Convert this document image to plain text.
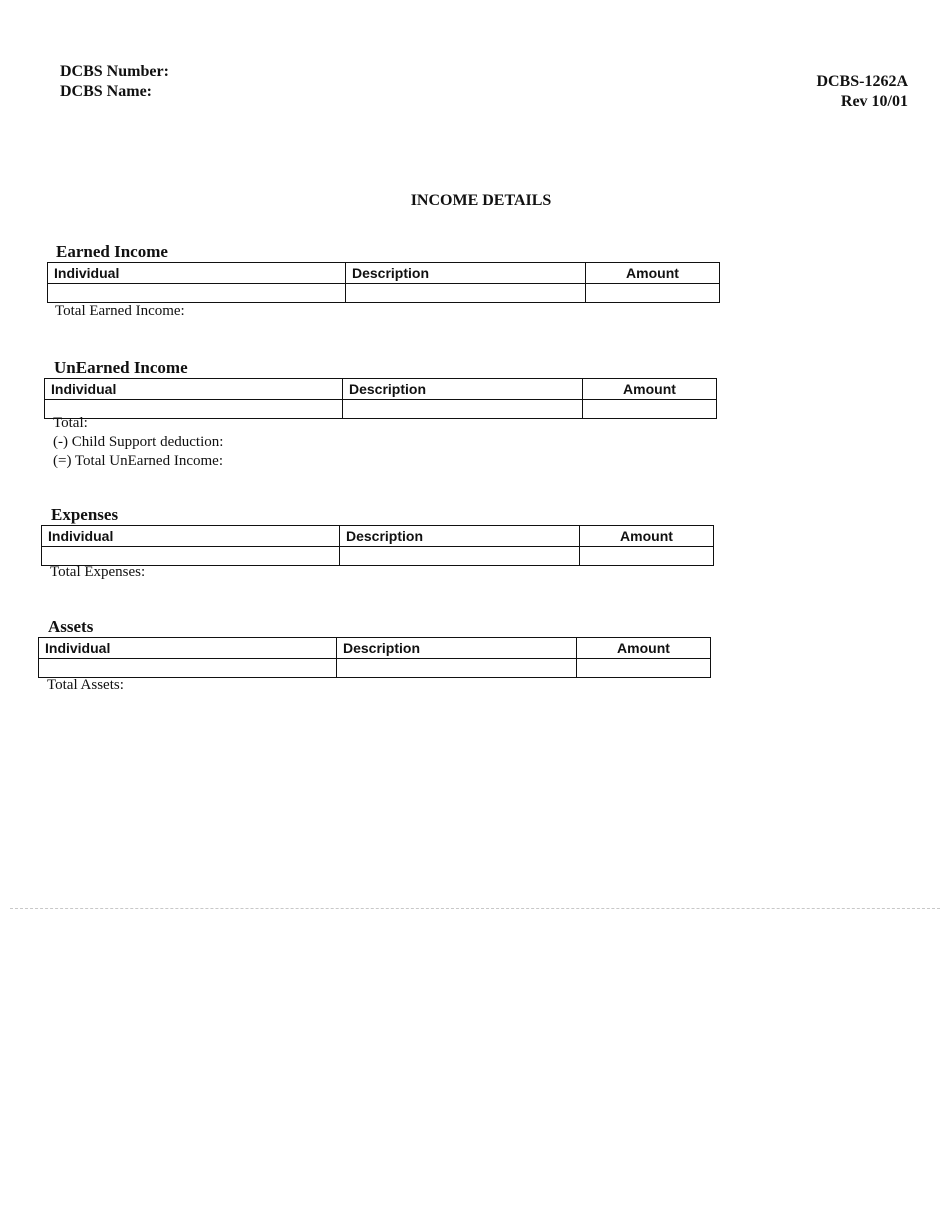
DCBS Number:
DCBS Name:
DCBS-1262A
Rev 10/01
INCOME DETAILS
Earned Income
Individual	Description	Amount

Total Earned Income:
UnEarned Income
Individual	Description	Amount

Total:
(-) Child Support deduction:
(=) Total UnEarned Income:
Expenses
Individual	Description	Amount

Total Expenses:
Assets
Individual	Description	Amount

Total Assets:
